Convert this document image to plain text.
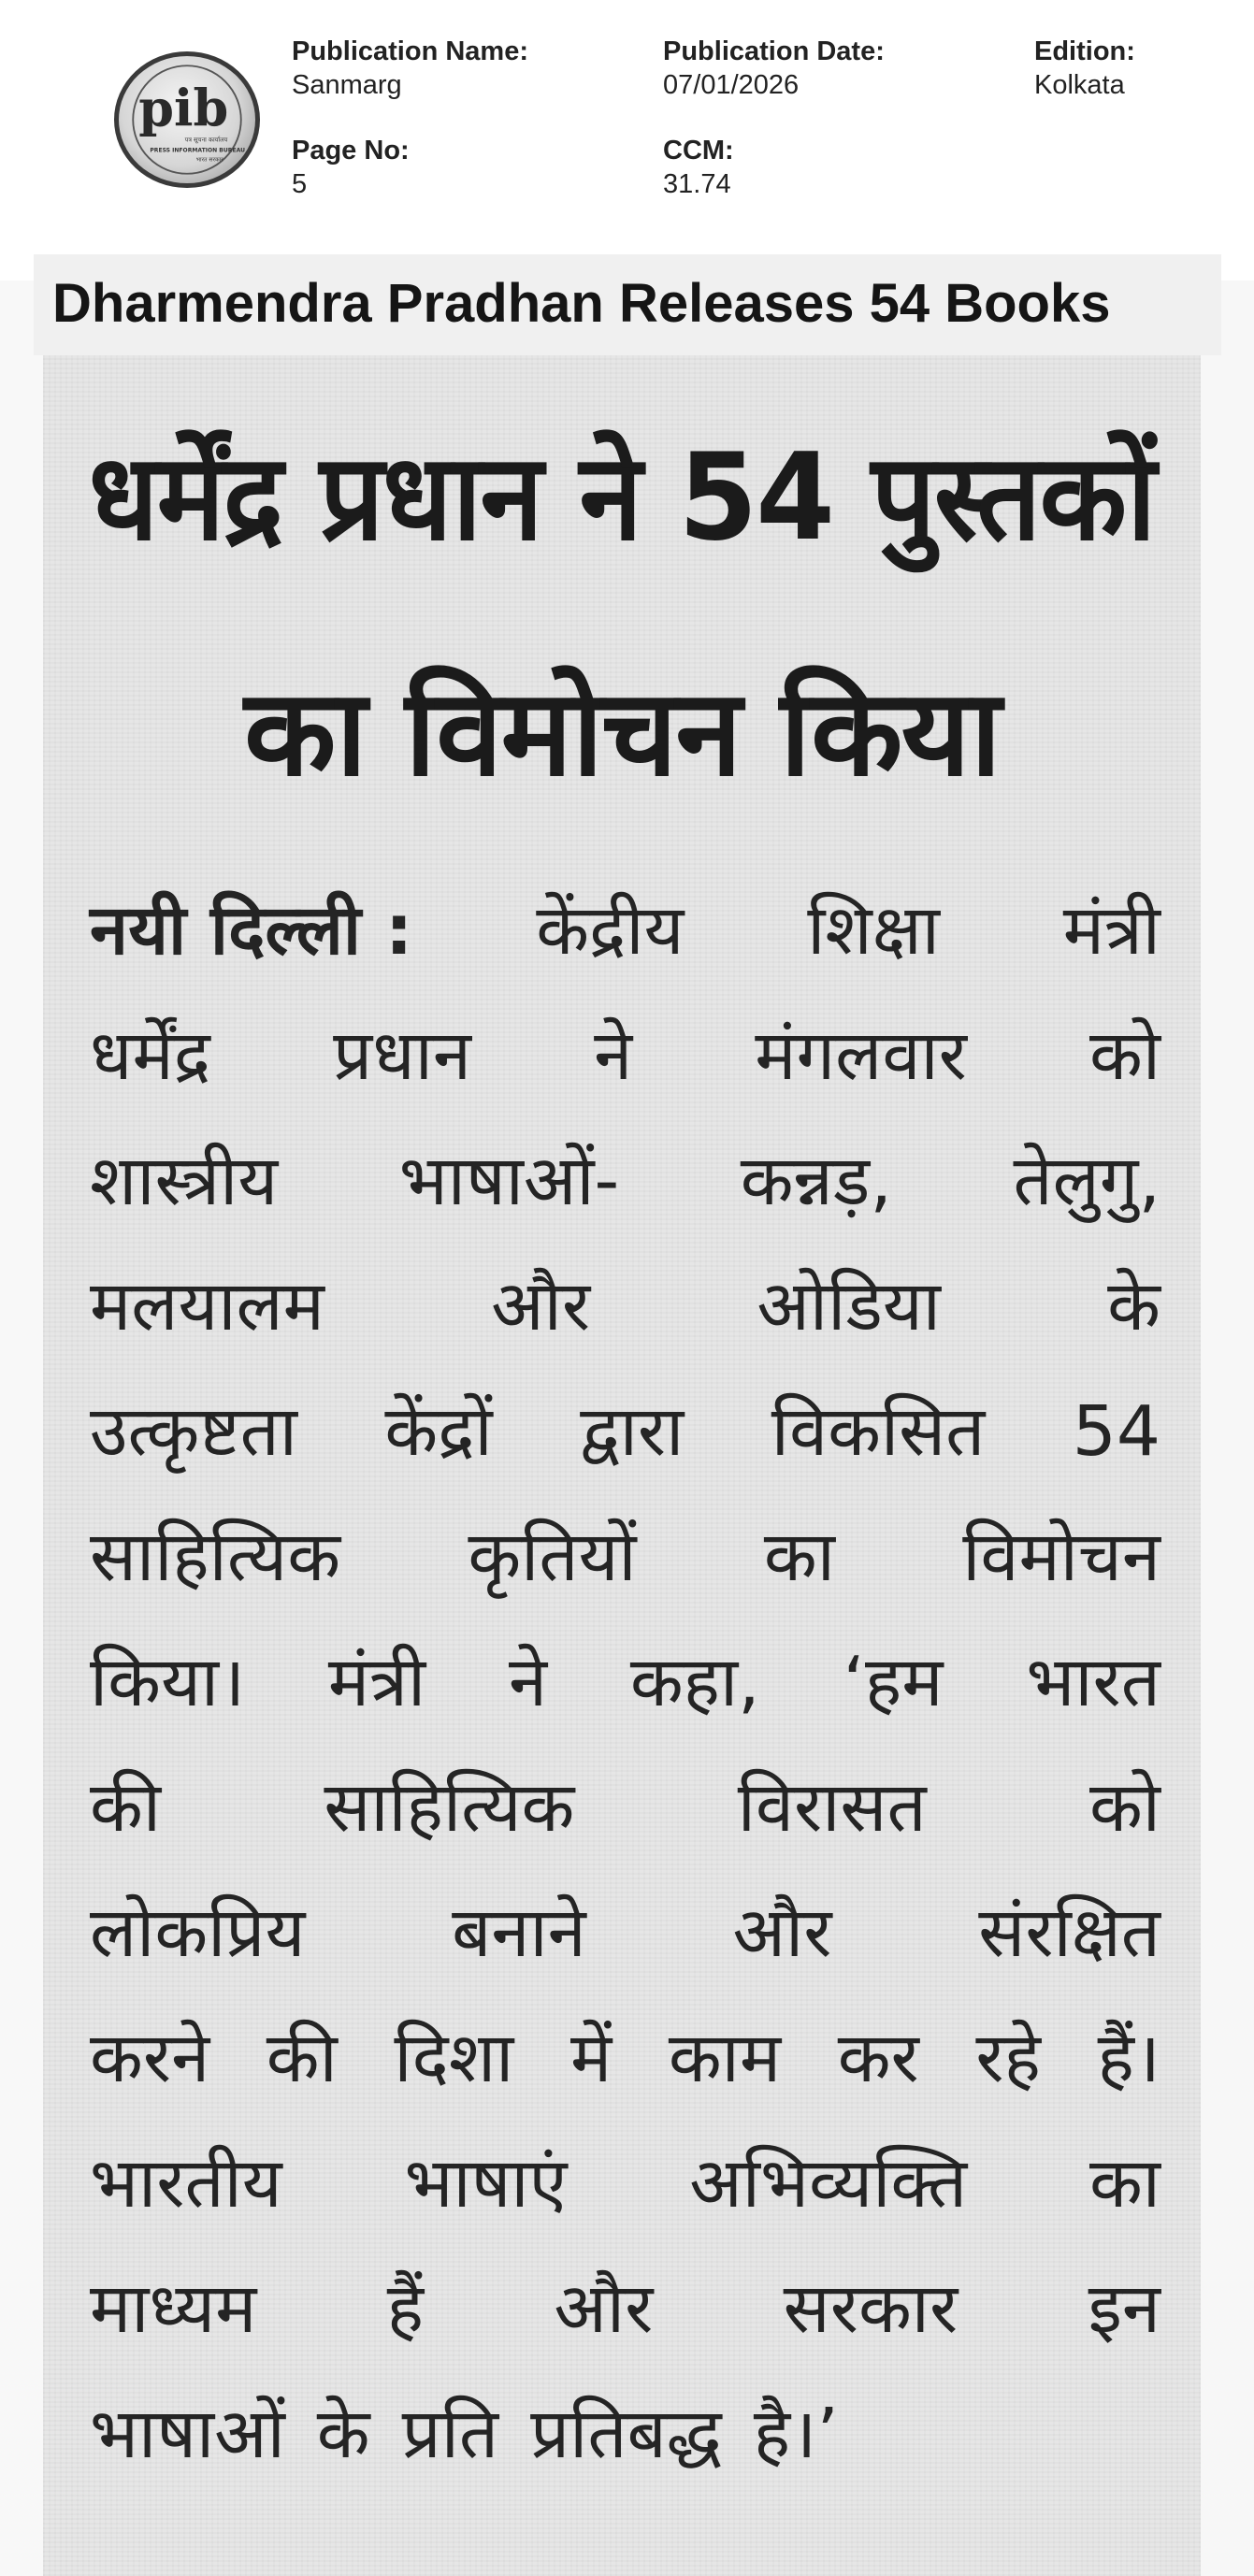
pib
पत्र सूचना कार्यालय
PRESS INFORMATION BUREAU
भारत सरकार
Publication Name:
Sanmarg
Publication Date:
07/01/2026
Edition:
Kolkata
Page No:
5
CCM:
31.74
Dharmendra Pradhan Releases 54 Books
धर्मेंद्र प्रधान ने 54 पुस्तकों
का विमोचन किया
नयी दिल्ली : केंद्रीय शिक्षा मंत्री
धर्मेंद्र प्रधान ने मंगलवार को
शास्त्रीय भाषाओं- कन्नड़, तेलुगु,
मलयालम और ओडिया के
उत्कृष्टता केंद्रों द्वारा विकसित 54
साहित्यिक कृतियों का विमोचन
किया। मंत्री ने कहा, ‘हम भारत
की साहित्यिक विरासत को
लोकप्रिय बनाने और संरक्षित
करने की दिशा में काम कर रहे हैं।
भारतीय भाषाएं अभिव्यक्ति का
माध्यम हैं और सरकार इन
भाषाओं के प्रति प्रतिबद्ध है।’
